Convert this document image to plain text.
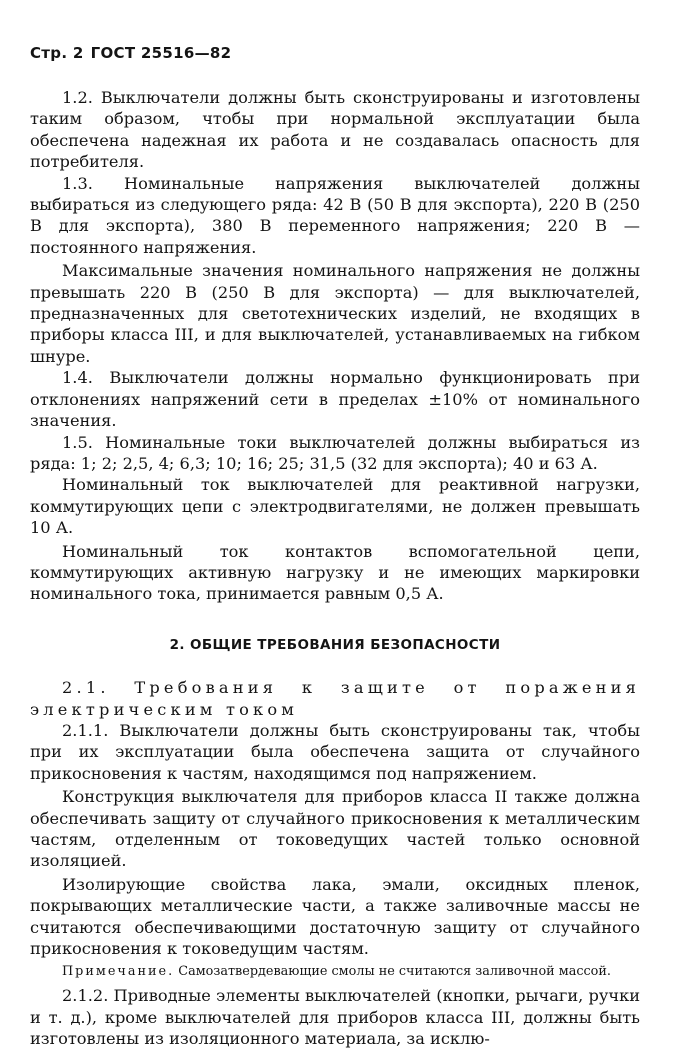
Стр. 2 ГОСТ 25516—82

1.2. Выключатели должны быть сконструированы и изготовлены таким образом, чтобы при нормальной эксплуатации была обеспечена надежная их работа и не создавалась опасность для потребителя.

1.3. Номинальные напряжения выключателей должны выбираться из следующего ряда: 42 В (50 В для экспорта), 220 В (250 В для экспорта), 380 В переменного напряжения; 220 В — постоянного напряжения.

Максимальные значения номинального напряжения не должны превышать 220 В (250 В для экспорта) — для выключателей, предназначенных для светотехнических изделий, не входящих в приборы класса III, и для выключателей, устанавливаемых на гибком шнуре.

1.4. Выключатели должны нормально функционировать при отклонениях напряжений сети в пределах ±10% от номинального значения.

1.5. Номинальные токи выключателей должны выбираться из ряда: 1; 2; 2,5, 4; 6,3; 10; 16; 25; 31,5 (32 для экспорта); 40 и 63 А.

Номинальный ток выключателей для реактивной нагрузки, коммутирующих цепи с электродвигателями, не должен превышать 10 А.

Номинальный ток контактов вспомогательной цепи, коммутирующих активную нагрузку и не имеющих маркировки номинального тока, принимается равным 0,5 А.

2. ОБЩИЕ ТРЕБОВАНИЯ БЕЗОПАСНОСТИ

2.1. Требования к защите от поражения электрическим током

2.1.1. Выключатели должны быть сконструированы так, чтобы при их эксплуатации была обеспечена защита от случайного прикосновения к частям, находящимся под напряжением.

Конструкция выключателя для приборов класса II также должна обеспечивать защиту от случайного прикосновения к металлическим частям, отделенным от токоведущих частей только основной изоляцией.

Изолирующие свойства лака, эмали, оксидных пленок, покрывающих металлические части, а также заливочные массы не считаются обеспечивающими достаточную защиту от случайного прикосновения к токоведущим частям.

Примечание. Самозатвердевающие смолы не считаются заливочной массой.

2.1.2. Приводные элементы выключателей (кнопки, рычаги, ручки и т. д.), кроме выключателей для приборов класса III, должны быть изготовлены из изоляционного материала, за исклю-
